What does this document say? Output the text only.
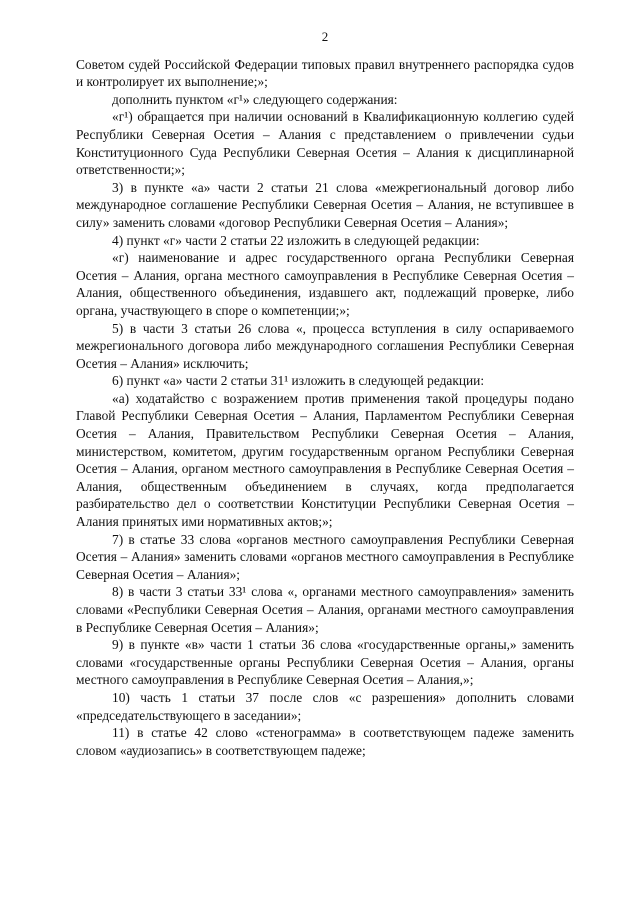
2

Советом судей Российской Федерации типовых правил внутреннего распорядка судов и контролирует их выполнение;»;

дополнить пунктом «г¹» следующего содержания:

«г¹) обращается при наличии оснований в Квалификационную коллегию судей Республики Северная Осетия – Алания с представлением о привлечении судьи Конституционного Суда Республики Северная Осетия – Алания к дисциплинарной ответственности;»;

3) в пункте «а» части 2 статьи 21 слова «межрегиональный договор либо международное соглашение Республики Северная Осетия – Алания, не вступившее в силу» заменить словами «договор Республики Северная Осетия – Алания»;

4) пункт «г» части 2 статьи 22 изложить в следующей редакции:

«г) наименование и адрес государственного органа Республики Северная Осетия – Алания, органа местного самоуправления в Республике Северная Осетия – Алания, общественного объединения, издавшего акт, подлежащий проверке, либо органа, участвующего в споре о компетенции;»;

5) в части 3 статьи 26 слова «, процесса вступления в силу оспариваемого межрегионального договора либо международного соглашения Республики Северная Осетия – Алания» исключить;

6) пункт «а» части 2 статьи 31¹ изложить в следующей редакции:

«а) ходатайство с возражением против применения такой процедуры подано Главой Республики Северная Осетия – Алания, Парламентом Республики Северная Осетия – Алания, Правительством Республики Северная Осетия – Алания, министерством, комитетом, другим государственным органом Республики Северная Осетия – Алания, органом местного самоуправления в Республике Северная Осетия – Алания, общественным объединением в случаях, когда предполагается разбирательство дел о соответствии Конституции Республики Северная Осетия – Алания принятых ими нормативных актов;»;

7) в статье 33 слова «органов местного самоуправления Республики Северная Осетия – Алания» заменить словами «органов местного самоуправления в Республике Северная Осетия – Алания»;

8) в части 3 статьи 33¹ слова «, органами местного самоуправления» заменить словами «Республики Северная Осетия – Алания, органами местного самоуправления в Республике Северная Осетия – Алания»;

9) в пункте «в» части 1 статьи 36 слова «государственные органы,» заменить словами «государственные органы Республики Северная Осетия – Алания, органы местного самоуправления в Республике Северная Осетия – Алания,»;

10) часть 1 статьи 37 после слов «с разрешения» дополнить словами «председательствующего в заседании»;

11) в статье 42 слово «стенограмма» в соответствующем падеже заменить словом «аудиозапись» в соответствующем падеже;
